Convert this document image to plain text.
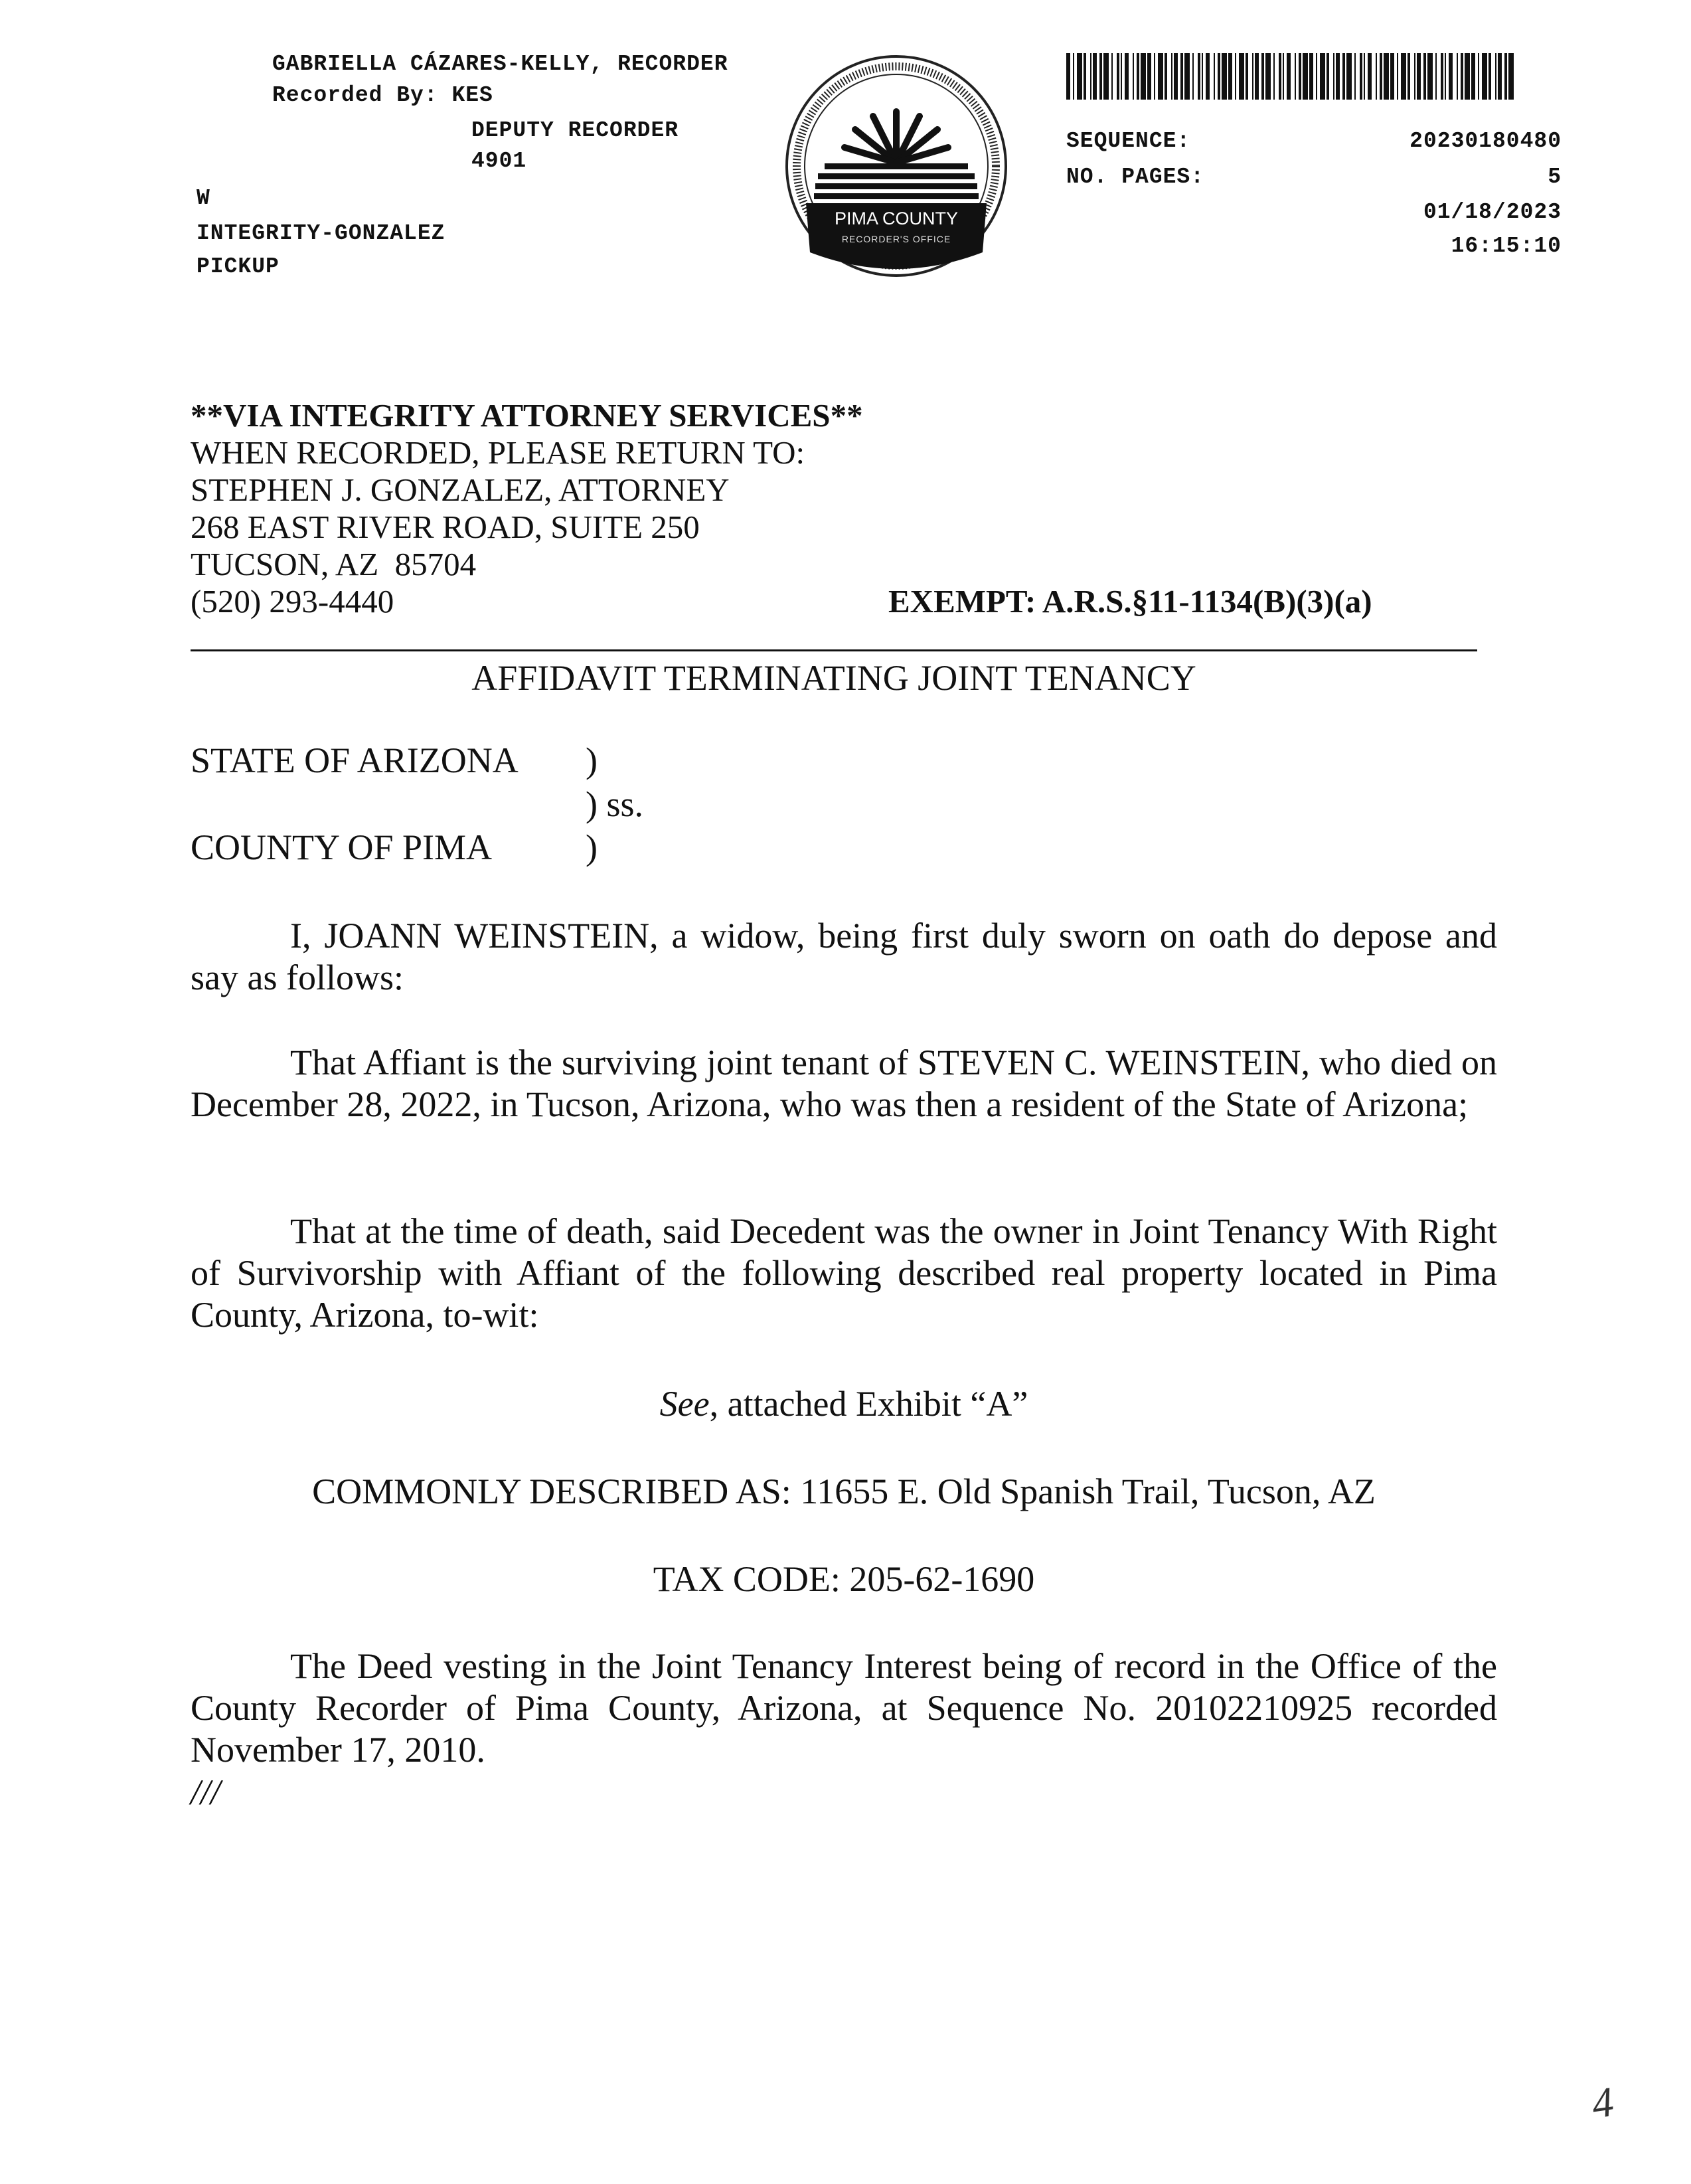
GABRIELLA CÁZARES-KELLY, RECORDER
Recorded By: KES
DEPUTY RECORDER
4901
W
INTEGRITY-GONZALEZ
PICKUP
PIMA COUNTY
RECORDER'S OFFICE
SEQUENCE:	20230180480
NO. PAGES:	5
01/18/2023
16:15:10
**VIA INTEGRITY ATTORNEY SERVICES**
WHEN RECORDED, PLEASE RETURN TO:
STEPHEN J. GONZALEZ, ATTORNEY
268 EAST RIVER ROAD, SUITE 250
TUCSON, AZ  85704
(520) 293-4440	EXEMPT: A.R.S.§11-1134(B)(3)(a)
AFFIDAVIT TERMINATING JOINT TENANCY
STATE OF ARIZONA )
) ss.
COUNTY OF PIMA	)
I, JOANN WEINSTEIN, a widow, being first duly sworn on oath do depose and say as follows:
That Affiant is the surviving joint tenant of STEVEN C. WEINSTEIN, who died on December 28, 2022, in Tucson, Arizona, who was then a resident of the State of Arizona;
That at the time of death, said Decedent was the owner in Joint Tenancy With Right of Survivorship with Affiant of the following described real property located in Pima County, Arizona, to-wit:
See, attached Exhibit “A”
COMMONLY DESCRIBED AS: 11655 E. Old Spanish Trail, Tucson, AZ
TAX CODE: 205-62-1690
The Deed vesting in the Joint Tenancy Interest being of record in the Office of the County Recorder of Pima County, Arizona, at Sequence No. 20102210925 recorded November 17, 2010.
///
4
